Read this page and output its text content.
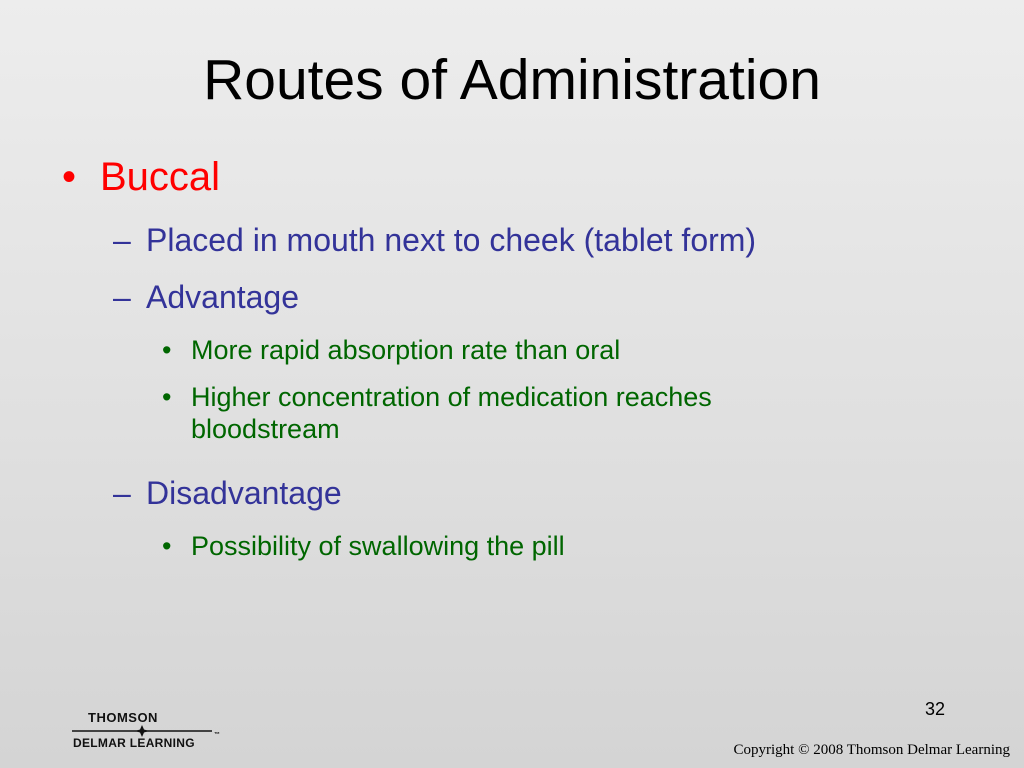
Routes of Administration
• Buccal
– Placed in mouth next to cheek (tablet form)
– Advantage
• More rapid absorption rate than oral
• Higher concentration of medication reaches bloodstream
– Disadvantage
• Possibility of swallowing the pill
32
THOMSON
™
DELMAR LEARNING	Copyright © 2008 Thomson Delmar Learning
